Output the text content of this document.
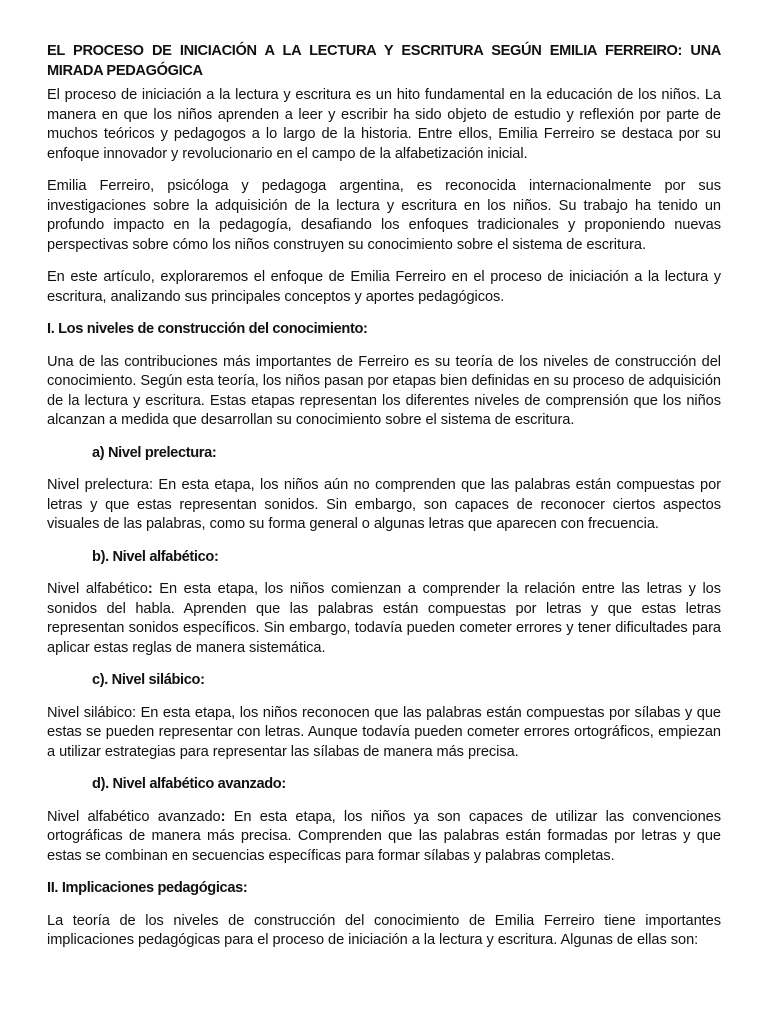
EL PROCESO DE INICIACIÓN A LA LECTURA Y ESCRITURA SEGÚN EMILIA FERREIRO: UNA MIRADA PEDAGÓGICA

El proceso de iniciación a la lectura y escritura es un hito fundamental en la educación de los niños. La manera en que los niños aprenden a leer y escribir ha sido objeto de estudio y reflexión por parte de muchos teóricos y pedagogos a lo largo de la historia. Entre ellos, Emilia Ferreiro se destaca por su enfoque innovador y revolucionario en el campo de la alfabetización inicial.

Emilia Ferreiro, psicóloga y pedagoga argentina, es reconocida internacionalmente por sus investigaciones sobre la adquisición de la lectura y escritura en los niños. Su trabajo ha tenido un profundo impacto en la pedagogía, desafiando los enfoques tradicionales y proponiendo nuevas perspectivas sobre cómo los niños construyen su conocimiento sobre el sistema de escritura.

En este artículo, exploraremos el enfoque de Emilia Ferreiro en el proceso de iniciación a la lectura y escritura, analizando sus principales conceptos y aportes pedagógicos.

I. Los niveles de construcción del conocimiento:

Una de las contribuciones más importantes de Ferreiro es su teoría de los niveles de construcción del conocimiento. Según esta teoría, los niños pasan por etapas bien definidas en su proceso de adquisición de la lectura y escritura. Estas etapas representan los diferentes niveles de comprensión que los niños alcanzan a medida que desarrollan su conocimiento sobre el sistema de escritura.

a) Nivel prelectura:

Nivel prelectura: En esta etapa, los niños aún no comprenden que las palabras están compuestas por letras y que estas representan sonidos. Sin embargo, son capaces de reconocer ciertos aspectos visuales de las palabras, como su forma general o algunas letras que aparecen con frecuencia.

b). Nivel alfabético:

Nivel alfabético: En esta etapa, los niños comienzan a comprender la relación entre las letras y los sonidos del habla. Aprenden que las palabras están compuestas por letras y que estas letras representan sonidos específicos. Sin embargo, todavía pueden cometer errores y tener dificultades para aplicar estas reglas de manera sistemática.

c). Nivel silábico:

Nivel silábico: En esta etapa, los niños reconocen que las palabras están compuestas por sílabas y que estas se pueden representar con letras. Aunque todavía pueden cometer errores ortográficos, empiezan a utilizar estrategias para representar las sílabas de manera más precisa.

d). Nivel alfabético avanzado:

Nivel alfabético avanzado: En esta etapa, los niños ya son capaces de utilizar las convenciones ortográficas de manera más precisa. Comprenden que las palabras están formadas por letras y que estas se combinan en secuencias específicas para formar sílabas y palabras completas.

II. Implicaciones pedagógicas:

La teoría de los niveles de construcción del conocimiento de Emilia Ferreiro tiene importantes implicaciones pedagógicas para el proceso de iniciación a la lectura y escritura. Algunas de ellas son:
